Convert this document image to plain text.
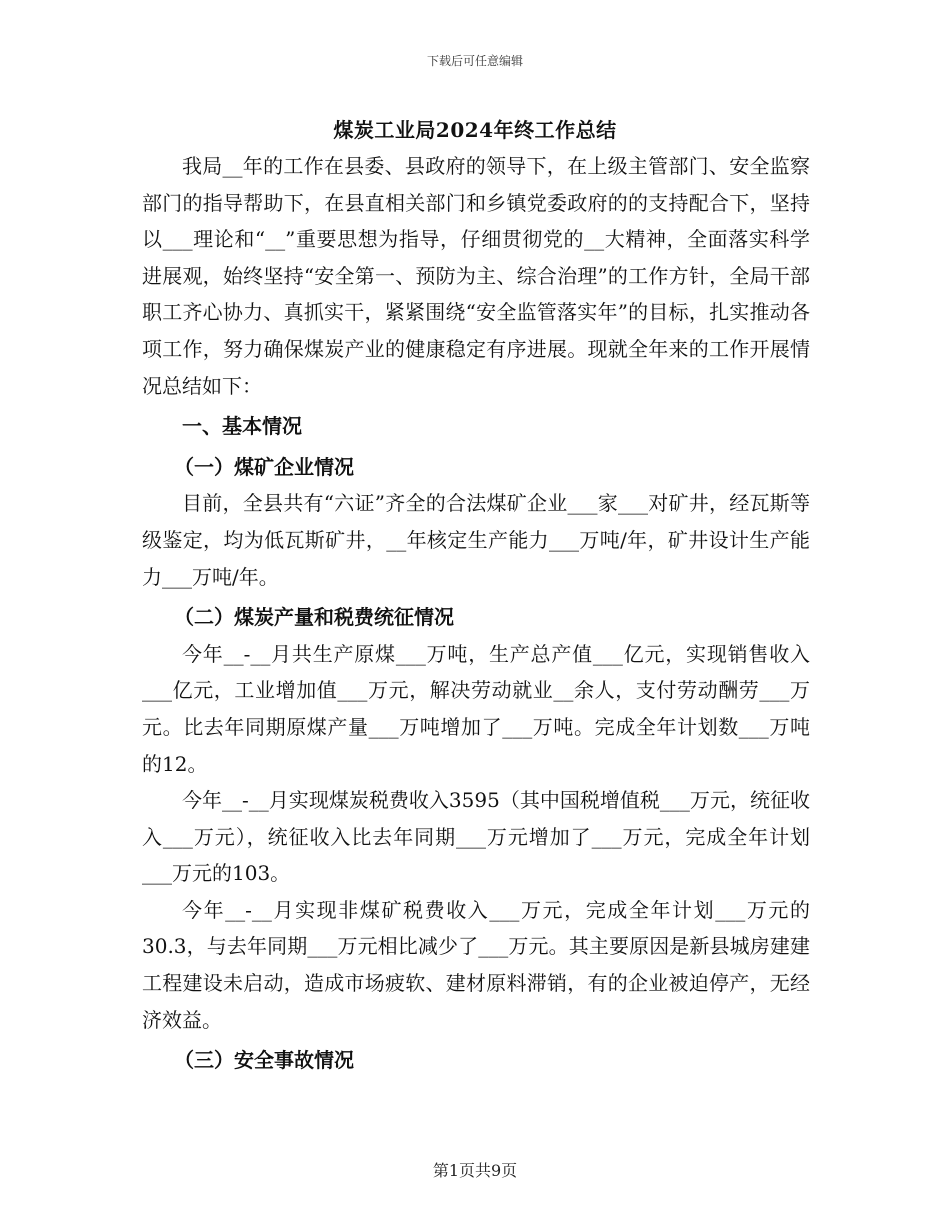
下载后可任意编辑
煤炭工业局2024年终工作总结

我局__年的工作在县委、县政府的领导下，在上级主管部门、安全监察部门的指导帮助下，在县直相关部门和乡镇党委政府的的支持配合下，坚持以___理论和“__”重要思想为指导，仔细贯彻党的__大精神，全面落实科学进展观，始终坚持“安全第一、预防为主、综合治理”的工作方针，全局干部职工齐心协力、真抓实干，紧紧围绕“安全监管落实年”的目标，扎实推动各项工作，努力确保煤炭产业的健康稳定有序进展。现就全年来的工作开展情况总结如下：

一、基本情况

（一）煤矿企业情况

目前，全县共有“六证”齐全的合法煤矿企业___家___对矿井，经瓦斯等级鉴定，均为低瓦斯矿井，__年核定生产能力___万吨/年，矿井设计生产能力___万吨/年。

（二）煤炭产量和税费统征情况

今年__-__月共生产原煤___万吨，生产总产值___亿元，实现销售收入___亿元，工业增加值___万元，解决劳动就业__余人，支付劳动酬劳___万元。比去年同期原煤产量___万吨增加了___万吨。完成全年计划数___万吨的12。

今年__-__月实现煤炭税费收入3595（其中国税增值税___万元，统征收入___万元），统征收入比去年同期___万元增加了___万元，完成全年计划___万元的103。

今年__-__月实现非煤矿税费收入___万元，完成全年计划___万元的30.3，与去年同期___万元相比减少了___万元。其主要原因是新县城房建建工程建设未启动，造成市场疲软、建材原料滞销，有的企业被迫停产，无经济效益。

（三）安全事故情况

第1页共9页
